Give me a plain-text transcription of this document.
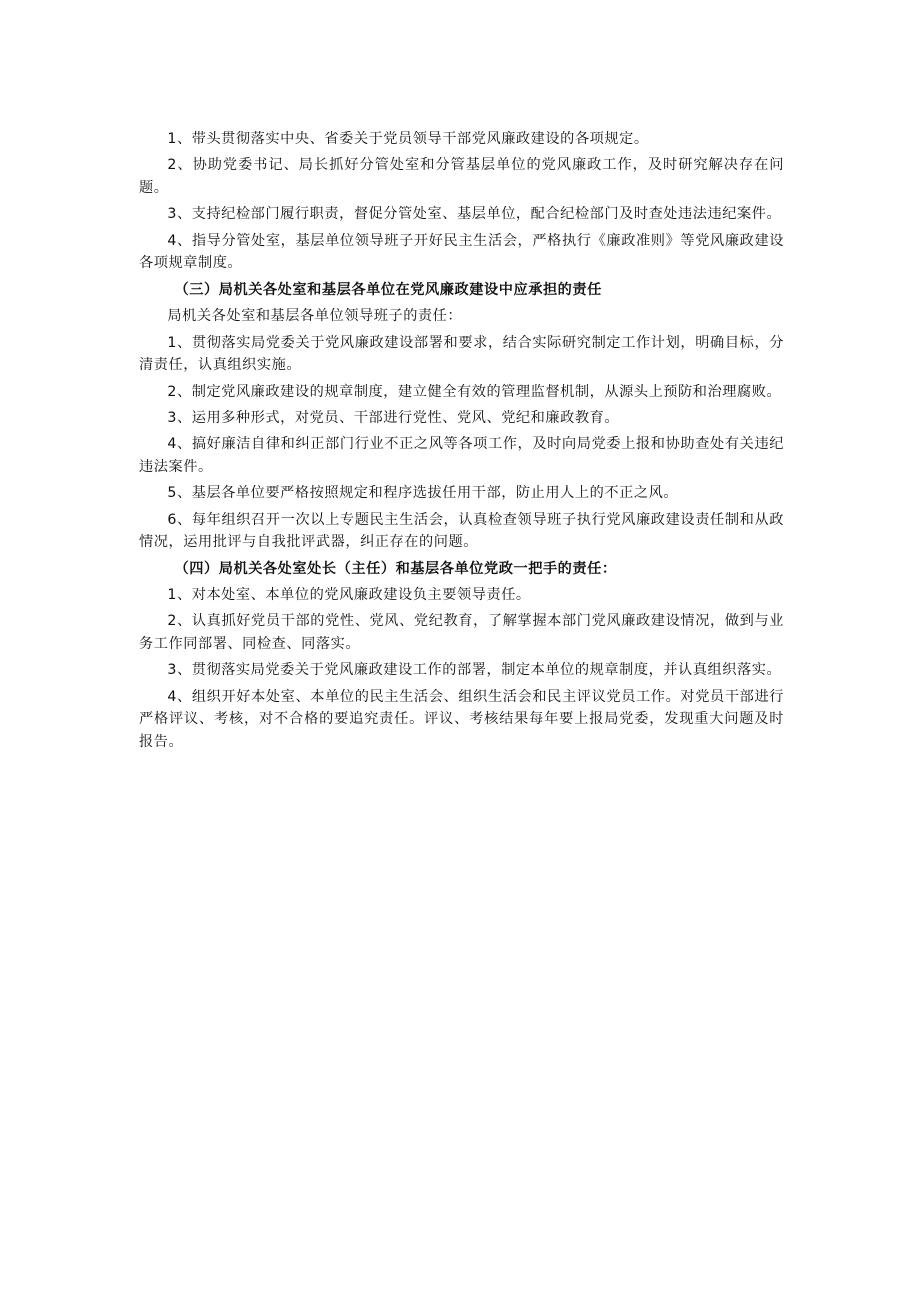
1、带头贯彻落实中央、省委关于党员领导干部党风廉政建设的各项规定。

2、协助党委书记、局长抓好分管处室和分管基层单位的党风廉政工作，及时研究解决存在问题。

3、支持纪检部门履行职责，督促分管处室、基层单位，配合纪检部门及时查处违法违纪案件。

4、指导分管处室，基层单位领导班子开好民主生活会，严格执行《廉政准则》等党风廉政建设各项规章制度。

（三）局机关各处室和基层各单位在党风廉政建设中应承担的责任

局机关各处室和基层各单位领导班子的责任：

1、贯彻落实局党委关于党风廉政建设部署和要求，结合实际研究制定工作计划，明确目标，分清责任，认真组织实施。

2、制定党风廉政建设的规章制度，建立健全有效的管理监督机制，从源头上预防和治理腐败。

3、运用多种形式，对党员、干部进行党性、党风、党纪和廉政教育。

4、搞好廉洁自律和纠正部门行业不正之风等各项工作，及时向局党委上报和协助查处有关违纪违法案件。

5、基层各单位要严格按照规定和程序选拔任用干部，防止用人上的不正之风。

6、每年组织召开一次以上专题民主生活会，认真检查领导班子执行党风廉政建设责任制和从政情况，运用批评与自我批评武器，纠正存在的问题。

（四）局机关各处室处长（主任）和基层各单位党政一把手的责任：

1、对本处室、本单位的党风廉政建设负主要领导责任。

2、认真抓好党员干部的党性、党风、党纪教育，了解掌握本部门党风廉政建设情况，做到与业务工作同部署、同检查、同落实。

3、贯彻落实局党委关于党风廉政建设工作的部署，制定本单位的规章制度，并认真组织落实。

4、组织开好本处室、本单位的民主生活会、组织生活会和民主评议党员工作。对党员干部进行严格评议、考核，对不合格的要追究责任。评议、考核结果每年要上报局党委，发现重大问题及时报告。
